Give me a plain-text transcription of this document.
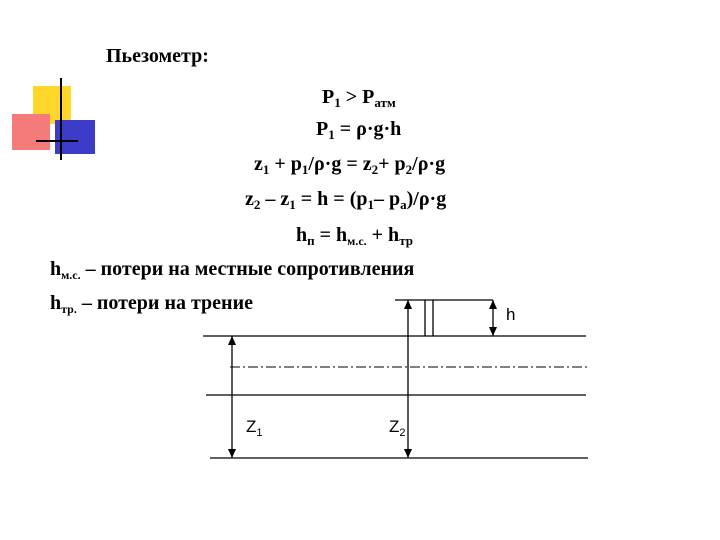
Пьезометр:
$P_1 > P_{атм}$
$P_1 = \rho\cdot g\cdot h$
$z_1 + p_1/\rho\cdot g = z_2+ p_2/\rho\cdot g$
$z_2 - z_1 = h = (p_1-$ $p_a)/\rho\cdot g$
$h_п = h_{м.с.} + h_{тр}$
$h_{м.с.}$ – потери на местные сопротивления
$h_{тр.}$ – потери на трение
h
$Z_1$	$Z_2$
